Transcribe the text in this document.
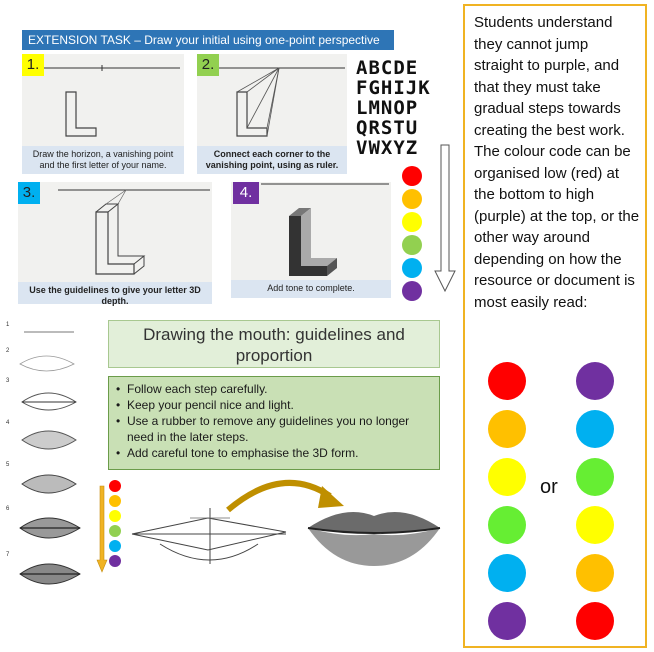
EXTENSION TASK – Draw your initial using one-point perspective
1.
Draw the horizon, a vanishing point and the first letter of your name.
2.
Connect each corner to the vanishing point, using as ruler.
ABCDE
FGHIJK
LMNOP
QRSTU
VWXYZ
3.
Use the guidelines to give your letter 3D depth.
4.
Add tone to complete.
1
2
3
4
5
6
7
Drawing the mouth: guidelines and proportion
• Follow each step carefully.
• Keep your pencil nice and light.
• Use a rubber to remove any guidelines you no longer need in the later steps.
• Add careful tone to emphasise the 3D form.
Students understand they cannot jump straight to purple, and that they must take gradual steps towards creating the best work. The colour code can be organised low (red) at the bottom to high (purple) at the top, or the other way around depending on how the resource or document is most easily read:
or
